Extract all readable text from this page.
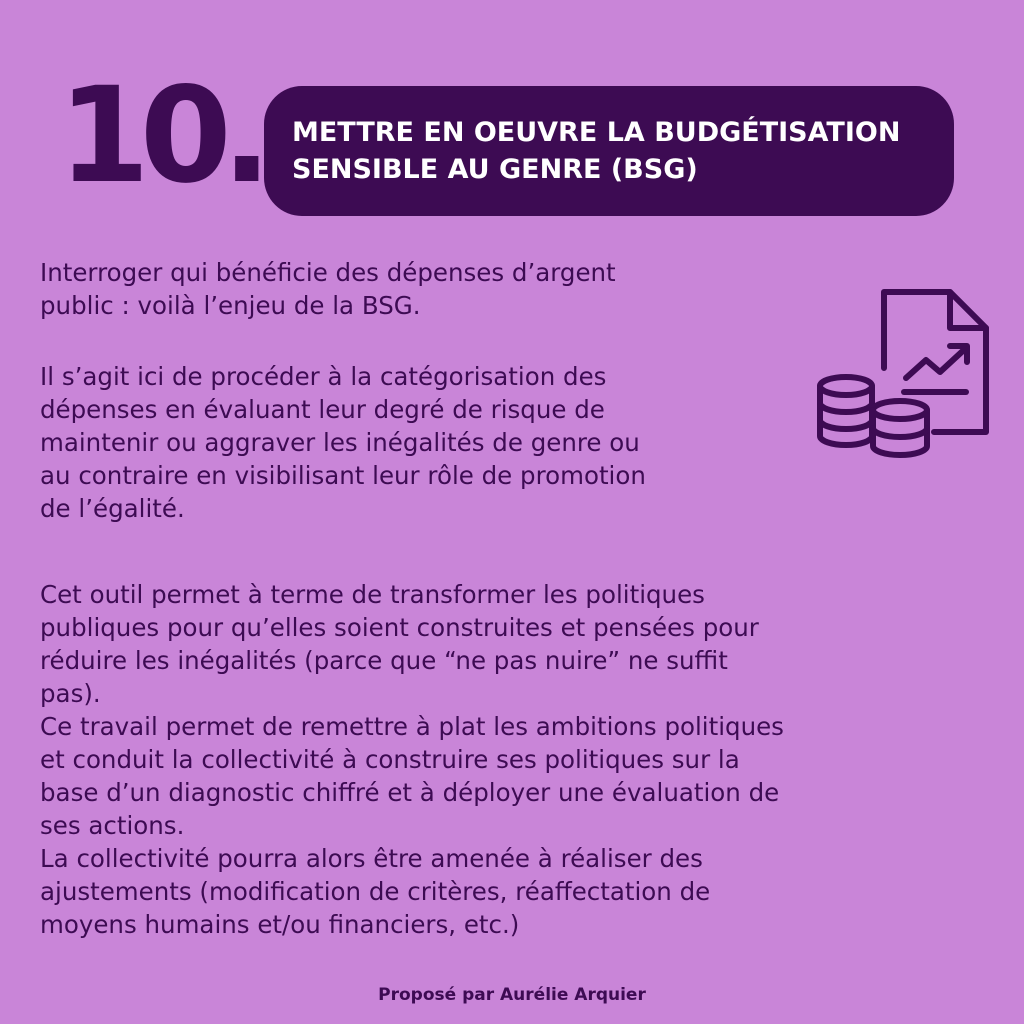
10. METTRE EN OEUVRE LA BUDGÉTISATION
SENSIBLE AU GENRE (BSG)
Interroger qui bénéficie des dépenses d’argent
public : voilà l’enjeu de la BSG.
Il s’agit ici de procéder à la catégorisation des
dépenses en évaluant leur degré de risque de
maintenir ou aggraver les inégalités de genre ou
au contraire en visibilisant leur rôle de promotion
de l’égalité.
Cet outil permet à terme de transformer les politiques
publiques pour qu’elles soient construites et pensées pour
réduire les inégalités (parce que “ne pas nuire” ne suffit
pas).
Ce travail permet de remettre à plat les ambitions politiques
et conduit la collectivité à construire ses politiques sur la
base d’un diagnostic chiffré et à déployer une évaluation de
ses actions.
La collectivité pourra alors être amenée à réaliser des
ajustements (modification de critères, réaffectation de
moyens humains et/ou financiers, etc.)
Proposé par Aurélie Arquier
